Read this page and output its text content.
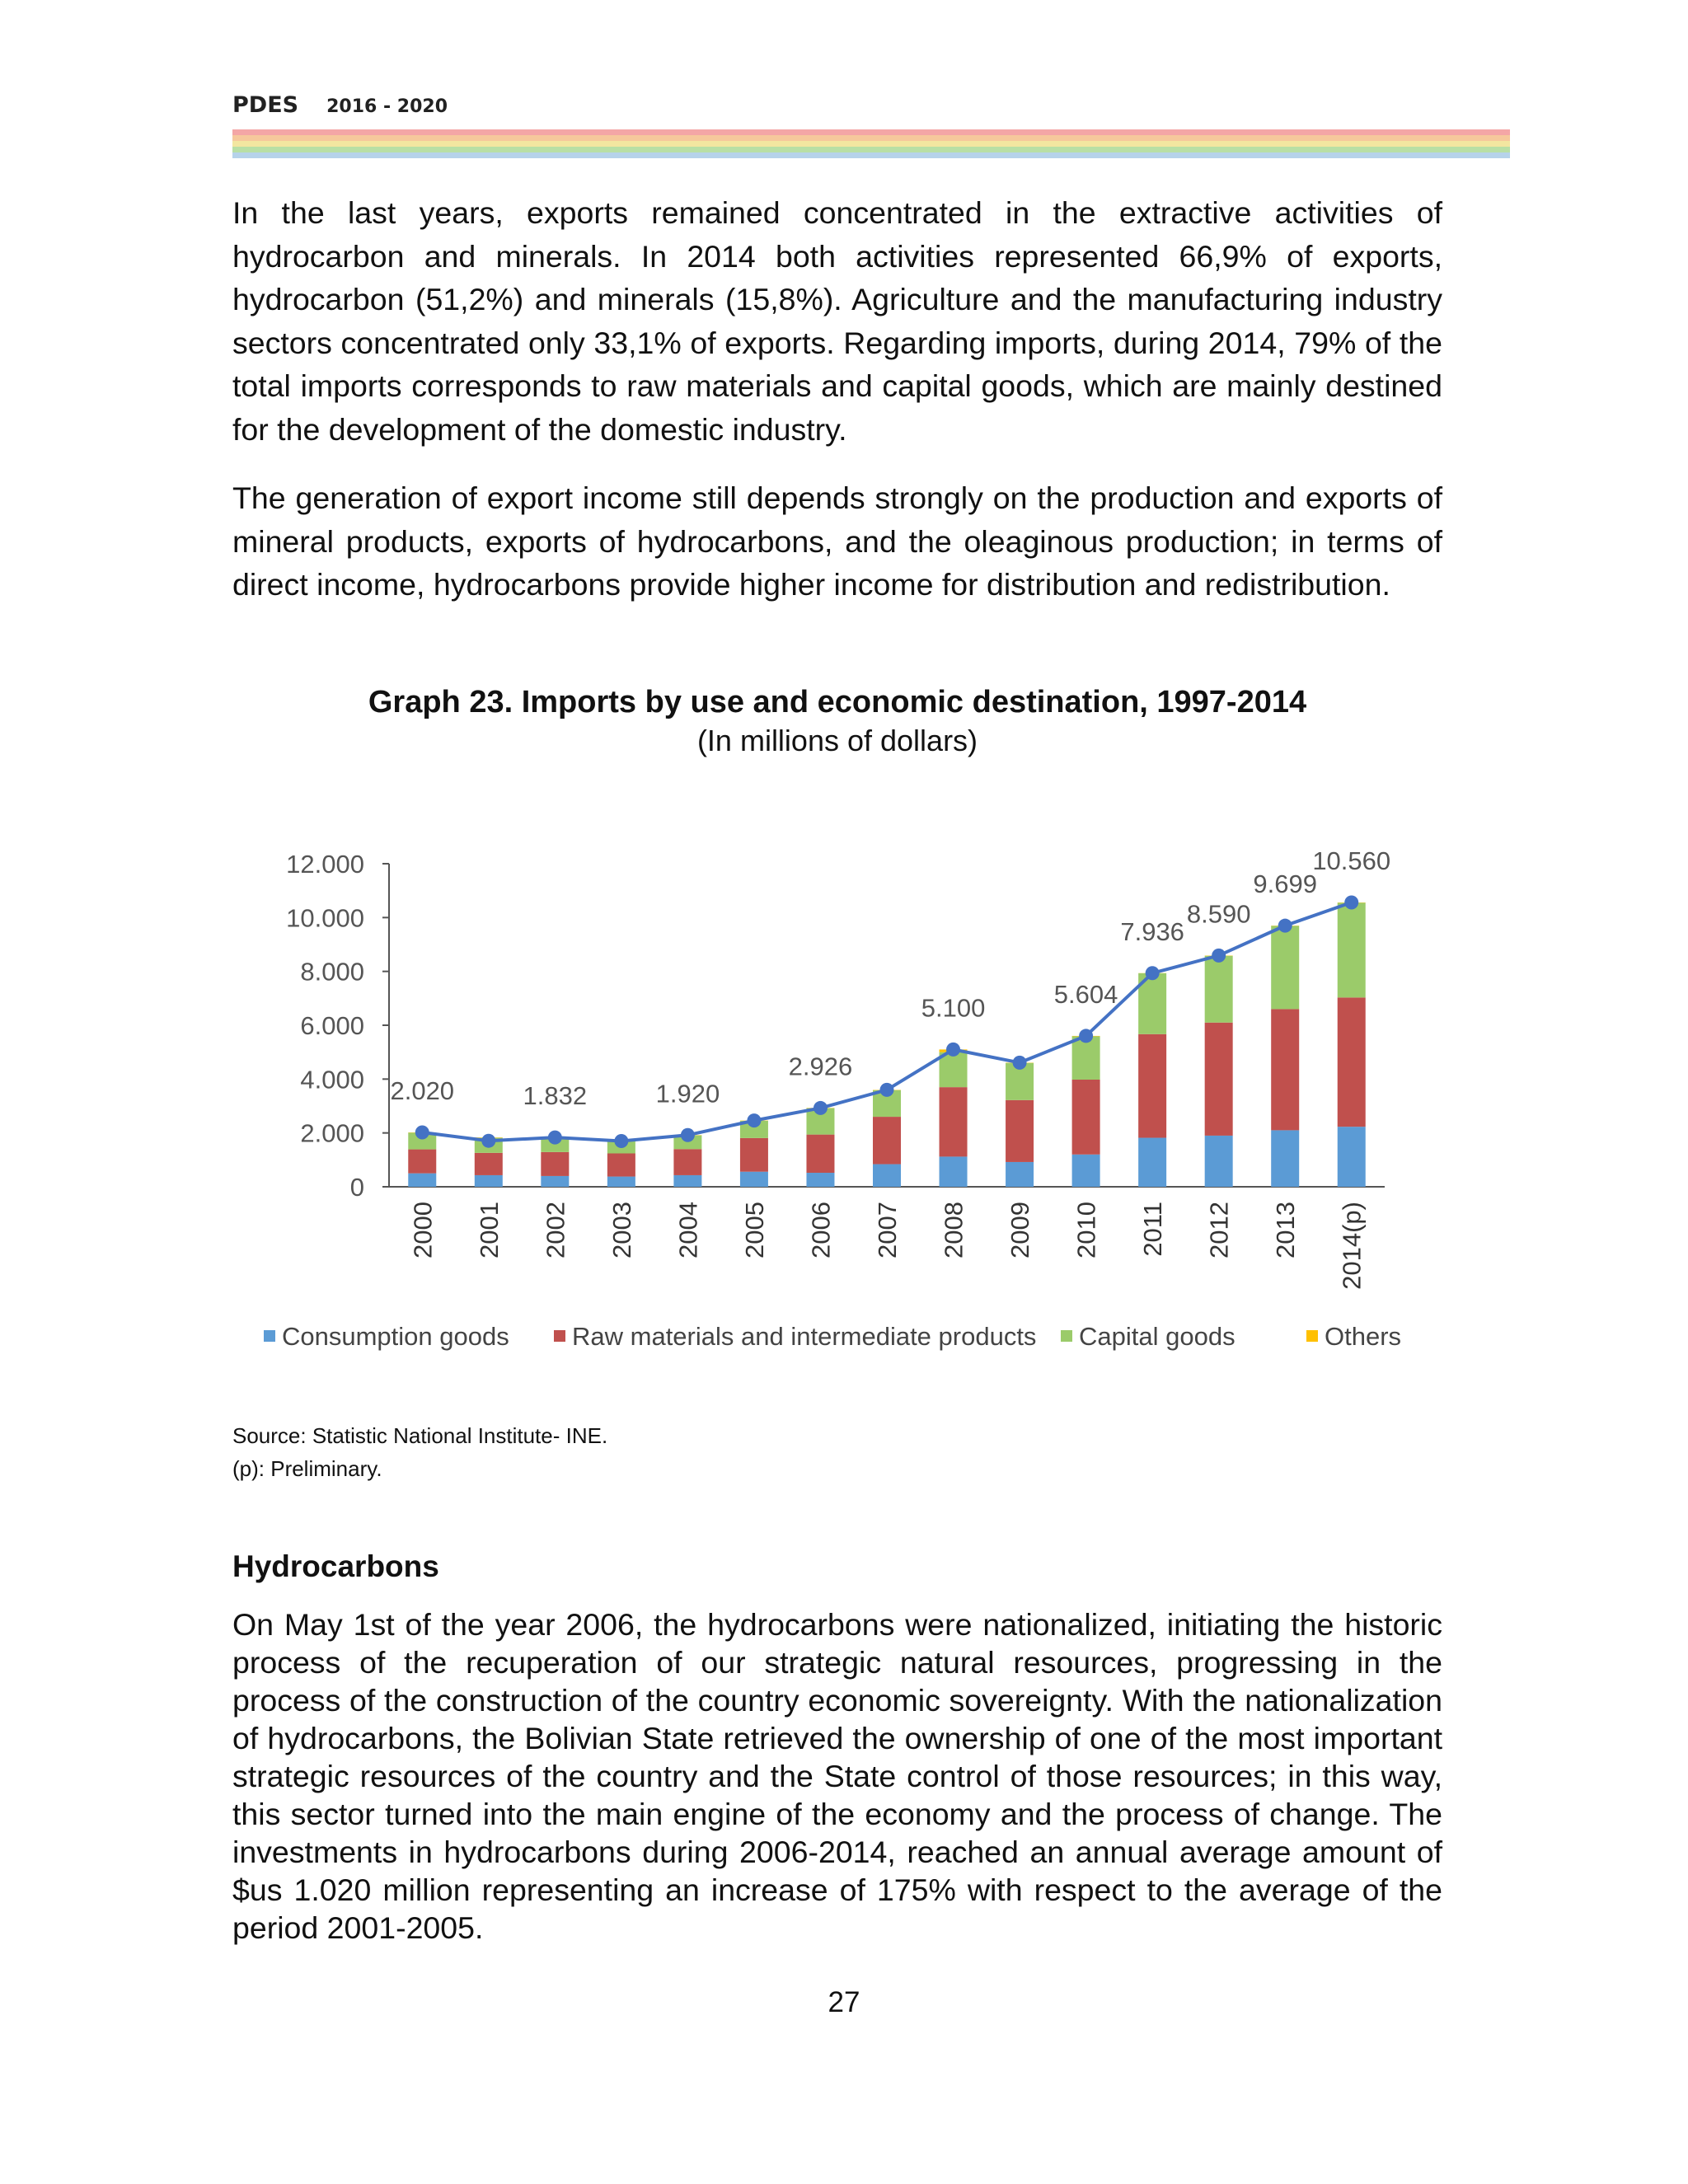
PDES 2016 - 2020

In the last years, exports remained concentrated in the extractive activities of hydrocarbon and minerals. In 2014 both activities represented 66,9% of exports, hydrocarbon (51,2%) and minerals (15,8%). Agriculture and the manufacturing industry sectors concentrated only 33,1% of exports. Regarding imports, during 2014, 79% of the total imports corresponds to raw materials and capital goods, which are mainly destined for the development of the domestic industry.

The generation of export income still depends strongly on the production and exports of mineral products, exports of hydrocarbons, and the oleaginous production; in terms of direct income, hydrocarbons provide higher income for distribution and redistribution.

Graph 23. Imports by use and economic destination, 1997-2014
(In millions of dollars)
0
2.000
4.000
6.000
8.000
10.000
12.000
2000 2001 2002 2003 2004 2005 2006 2007 2008 2009 2010 2011 2012 2013 2014(p)
2.020	1.832	1.920
2.926
5.100	5.604
7.936
8.590
9.699
10.560
Consumption goods Raw materials and intermediate products Capital goods	Others
Source: Statistic National Institute- INE.
(p): Preliminary.
Hydrocarbons

On May 1st of the year 2006, the hydrocarbons were nationalized, initiating the historic process of the recuperation of our strategic natural resources, progressing in the process of the construction of the country economic sovereignty. With the nationalization of hydrocarbons, the Bolivian State retrieved the ownership of one of the most important strategic resources of the country and the State control of those resources; in this way, this sector turned into the main engine of the economy and the process of change. The investments in hydrocarbons during 2006-2014, reached an annual average amount of $us 1.020 million representing an increase of 175% with respect to the average of the period 2001-2005.

27
